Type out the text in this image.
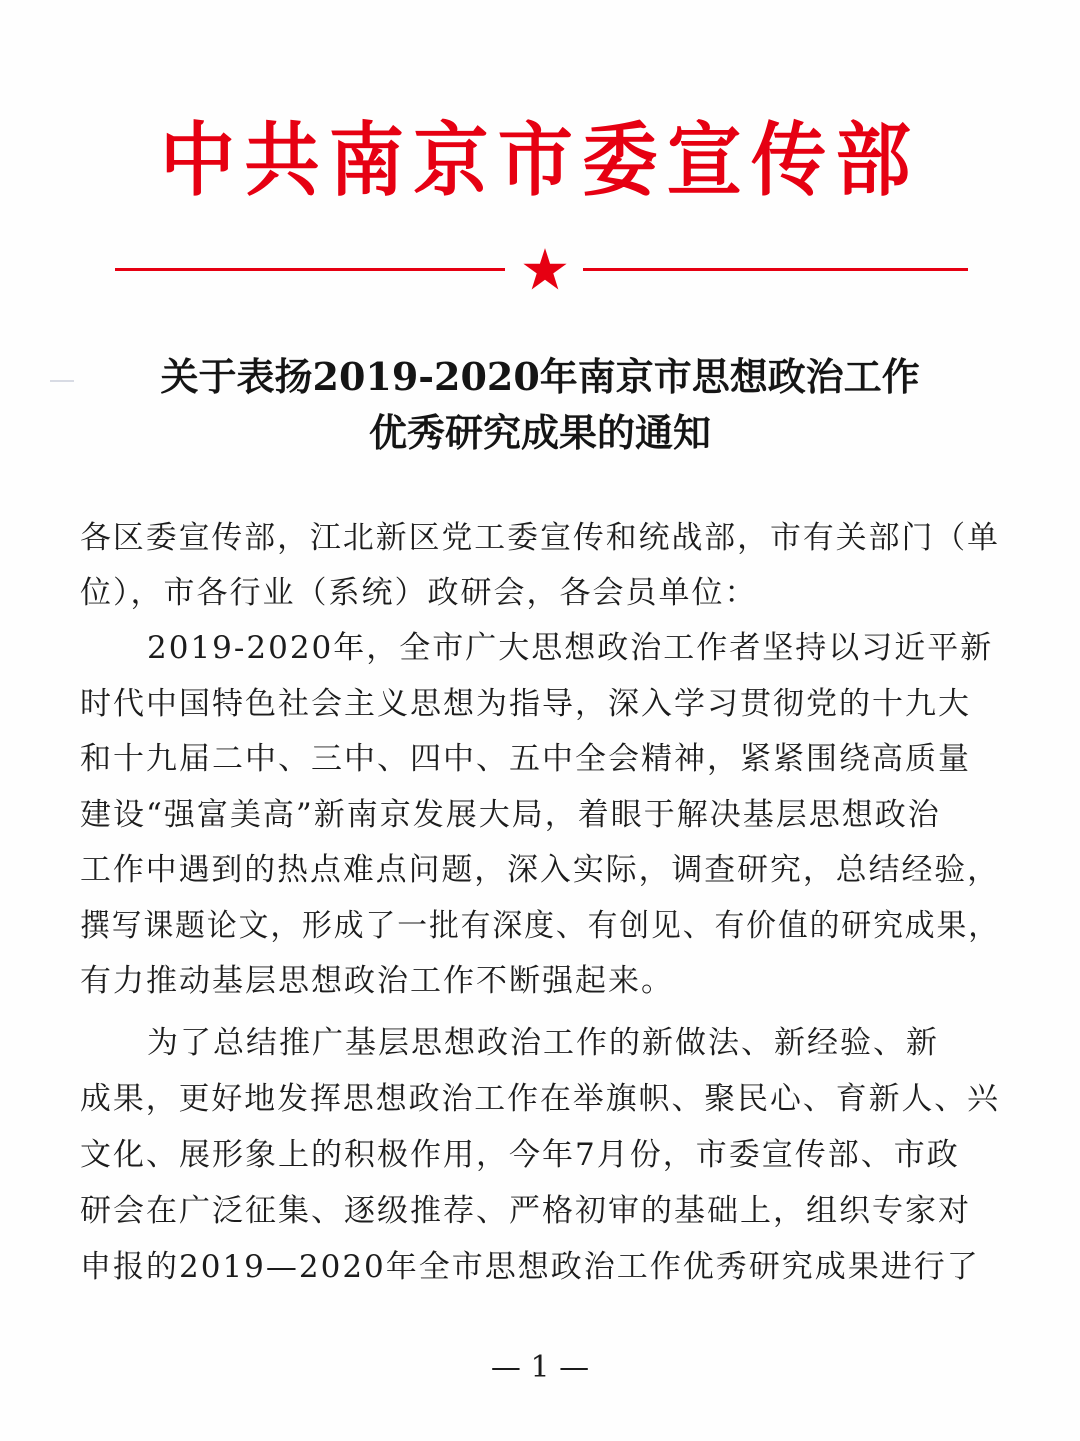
中共南京市委宣传部
关于表扬2019-2020年南京市思想政治工作
优秀研究成果的通知
各区委宣传部，江北新区党工委宣传和统战部，市有关部门（单
位），市各行业（系统）政研会，各会员单位：
2019-2020年，全市广大思想政治工作者坚持以习近平新
时代中国特色社会主义思想为指导，深入学习贯彻党的十九大
和十九届二中、三中、四中、五中全会精神，紧紧围绕高质量
建设“强富美高”新南京发展大局，着眼于解决基层思想政治
工作中遇到的热点难点问题，深入实际，调查研究，总结经验，
撰写课题论文，形成了一批有深度、有创见、有价值的研究成果，
有力推动基层思想政治工作不断强起来。
为了总结推广基层思想政治工作的新做法、新经验、新
成果，更好地发挥思想政治工作在举旗帜、聚民心、育新人、兴
文化、展形象上的积极作用，今年7月份，市委宣传部、市政
研会在广泛征集、逐级推荐、严格初审的基础上，组织专家对
申报的2019—2020年全市思想政治工作优秀研究成果进行了
— 1 —
